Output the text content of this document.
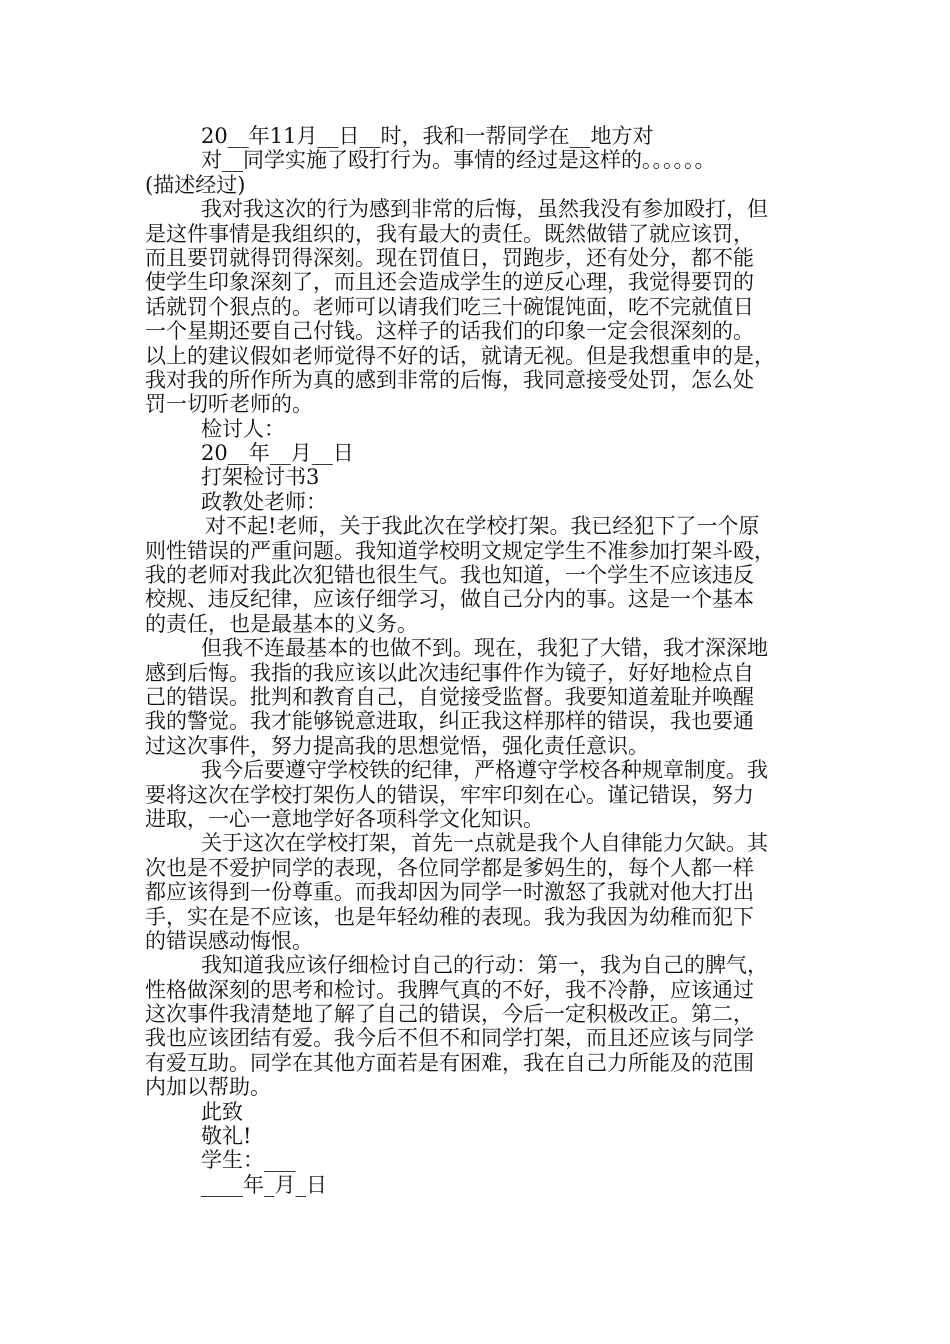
20__年11月__日__时，我和一帮同学在__地方对
对__同学实施了殴打行为。事情的经过是这样的。。。。。。
(描述经过)
我对我这次的行为感到非常的后悔，虽然我没有参加殴打，但
是这件事情是我组织的，我有最大的责任。既然做错了就应该罚，
而且要罚就得罚得深刻。现在罚值日，罚跑步，还有处分，都不能
使学生印象深刻了，而且还会造成学生的逆反心理，我觉得要罚的
话就罚个狠点的。老师可以请我们吃三十碗馄饨面，吃不完就值日
一个星期还要自己付钱。这样子的话我们的印象一定会很深刻的。
以上的建议假如老师觉得不好的话，就请无视。但是我想重申的是，
我对我的所作所为真的感到非常的后悔，我同意接受处罚，怎么处
罚一切听老师的。
检讨人：
20__年__月__日
打架检讨书3
政教处老师：
对不起!老师，关于我此次在学校打架。我已经犯下了一个原
则性错误的严重问题。我知道学校明文规定学生不准参加打架斗殴，
我的老师对我此次犯错也很生气。我也知道，一个学生不应该违反
校规、违反纪律，应该仔细学习，做自己分内的事。这是一个基本
的责任，也是最基本的义务。
但我不连最基本的也做不到。现在，我犯了大错，我才深深地
感到后悔。我指的我应该以此次违纪事件作为镜子，好好地检点自
己的错误。批判和教育自己，自觉接受监督。我要知道羞耻并唤醒
我的警觉。我才能够锐意进取，纠正我这样那样的错误，我也要通
过这次事件，努力提高我的思想觉悟，强化责任意识。
我今后要遵守学校铁的纪律，严格遵守学校各种规章制度。我
要将这次在学校打架伤人的错误，牢牢印刻在心。谨记错误，努力
进取，一心一意地学好各项科学文化知识。
关于这次在学校打架，首先一点就是我个人自律能力欠缺。其
次也是不爱护同学的表现，各位同学都是爹妈生的，每个人都一样
都应该得到一份尊重。而我却因为同学一时激怒了我就对他大打出
手，实在是不应该，也是年轻幼稚的表现。我为我因为幼稚而犯下
的错误感动悔恨。
我知道我应该仔细检讨自己的行动：第一，我为自己的脾气，
性格做深刻的思考和检讨。我脾气真的不好，我不冷静，应该通过
这次事件我清楚地了解了自己的错误，今后一定积极改正。第二，
我也应该团结有爱。我今后不但不和同学打架，而且还应该与同学
有爱互助。同学在其他方面若是有困难，我在自己力所能及的范围
内加以帮助。
此致
敬礼!
学生：___
____年_月_日
